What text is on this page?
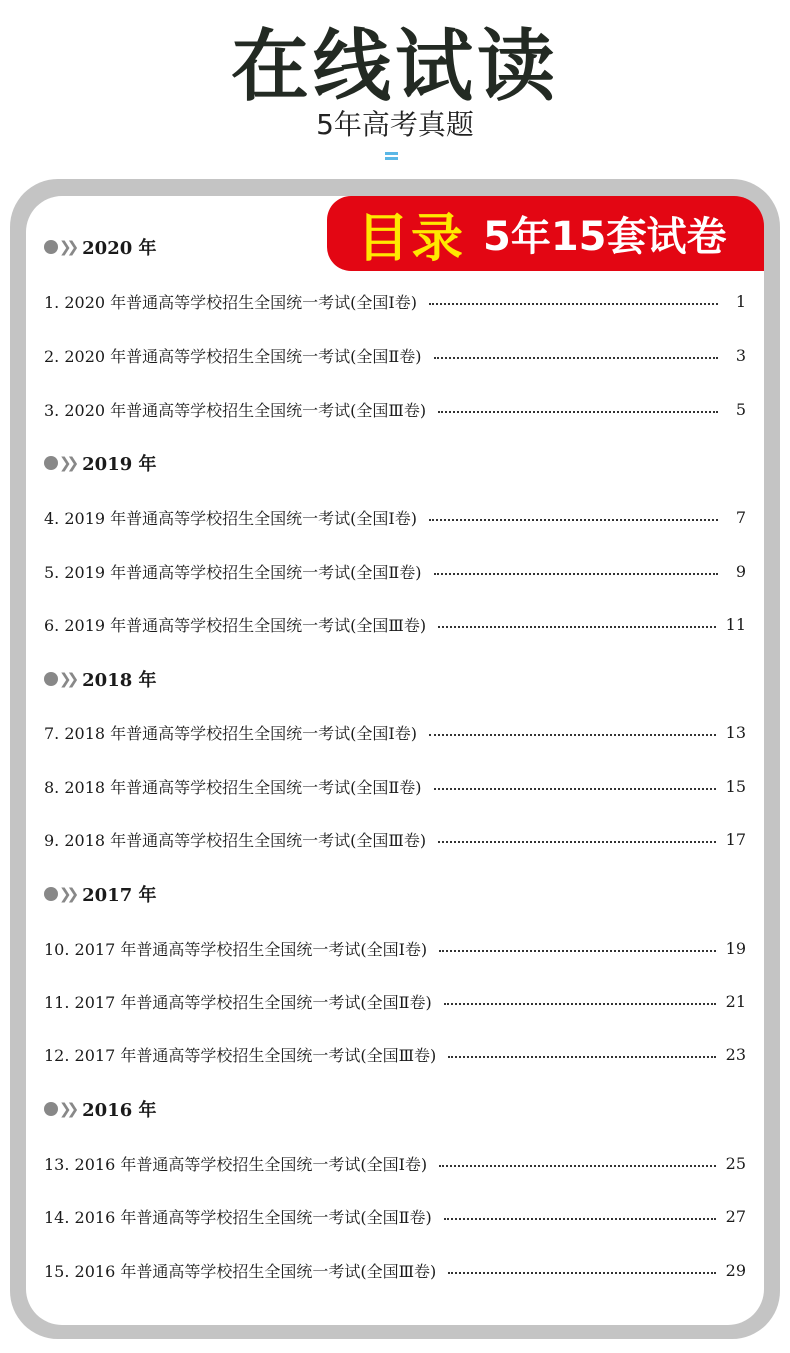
在线试读
5年高考真题
目录 5年15套试卷
❯❯ 2020 年
1. 2020 年普通高等学校招生全国统一考试(全国Ⅰ卷)	1
2. 2020 年普通高等学校招生全国统一考试(全国Ⅱ卷)	3
3. 2020 年普通高等学校招生全国统一考试(全国Ⅲ卷)	5
❯❯ 2019 年
4. 2019 年普通高等学校招生全国统一考试(全国Ⅰ卷)	7
5. 2019 年普通高等学校招生全国统一考试(全国Ⅱ卷)	9
6. 2019 年普通高等学校招生全国统一考试(全国Ⅲ卷)	11
❯❯ 2018 年
7. 2018 年普通高等学校招生全国统一考试(全国Ⅰ卷)	13
8. 2018 年普通高等学校招生全国统一考试(全国Ⅱ卷)	15
9. 2018 年普通高等学校招生全国统一考试(全国Ⅲ卷)	17
❯❯ 2017 年
10. 2017 年普通高等学校招生全国统一考试(全国Ⅰ卷)	19
11. 2017 年普通高等学校招生全国统一考试(全国Ⅱ卷)	21
12. 2017 年普通高等学校招生全国统一考试(全国Ⅲ卷)	23
❯❯ 2016 年
13. 2016 年普通高等学校招生全国统一考试(全国Ⅰ卷)	25
14. 2016 年普通高等学校招生全国统一考试(全国Ⅱ卷)	27
15. 2016 年普通高等学校招生全国统一考试(全国Ⅲ卷)	29
